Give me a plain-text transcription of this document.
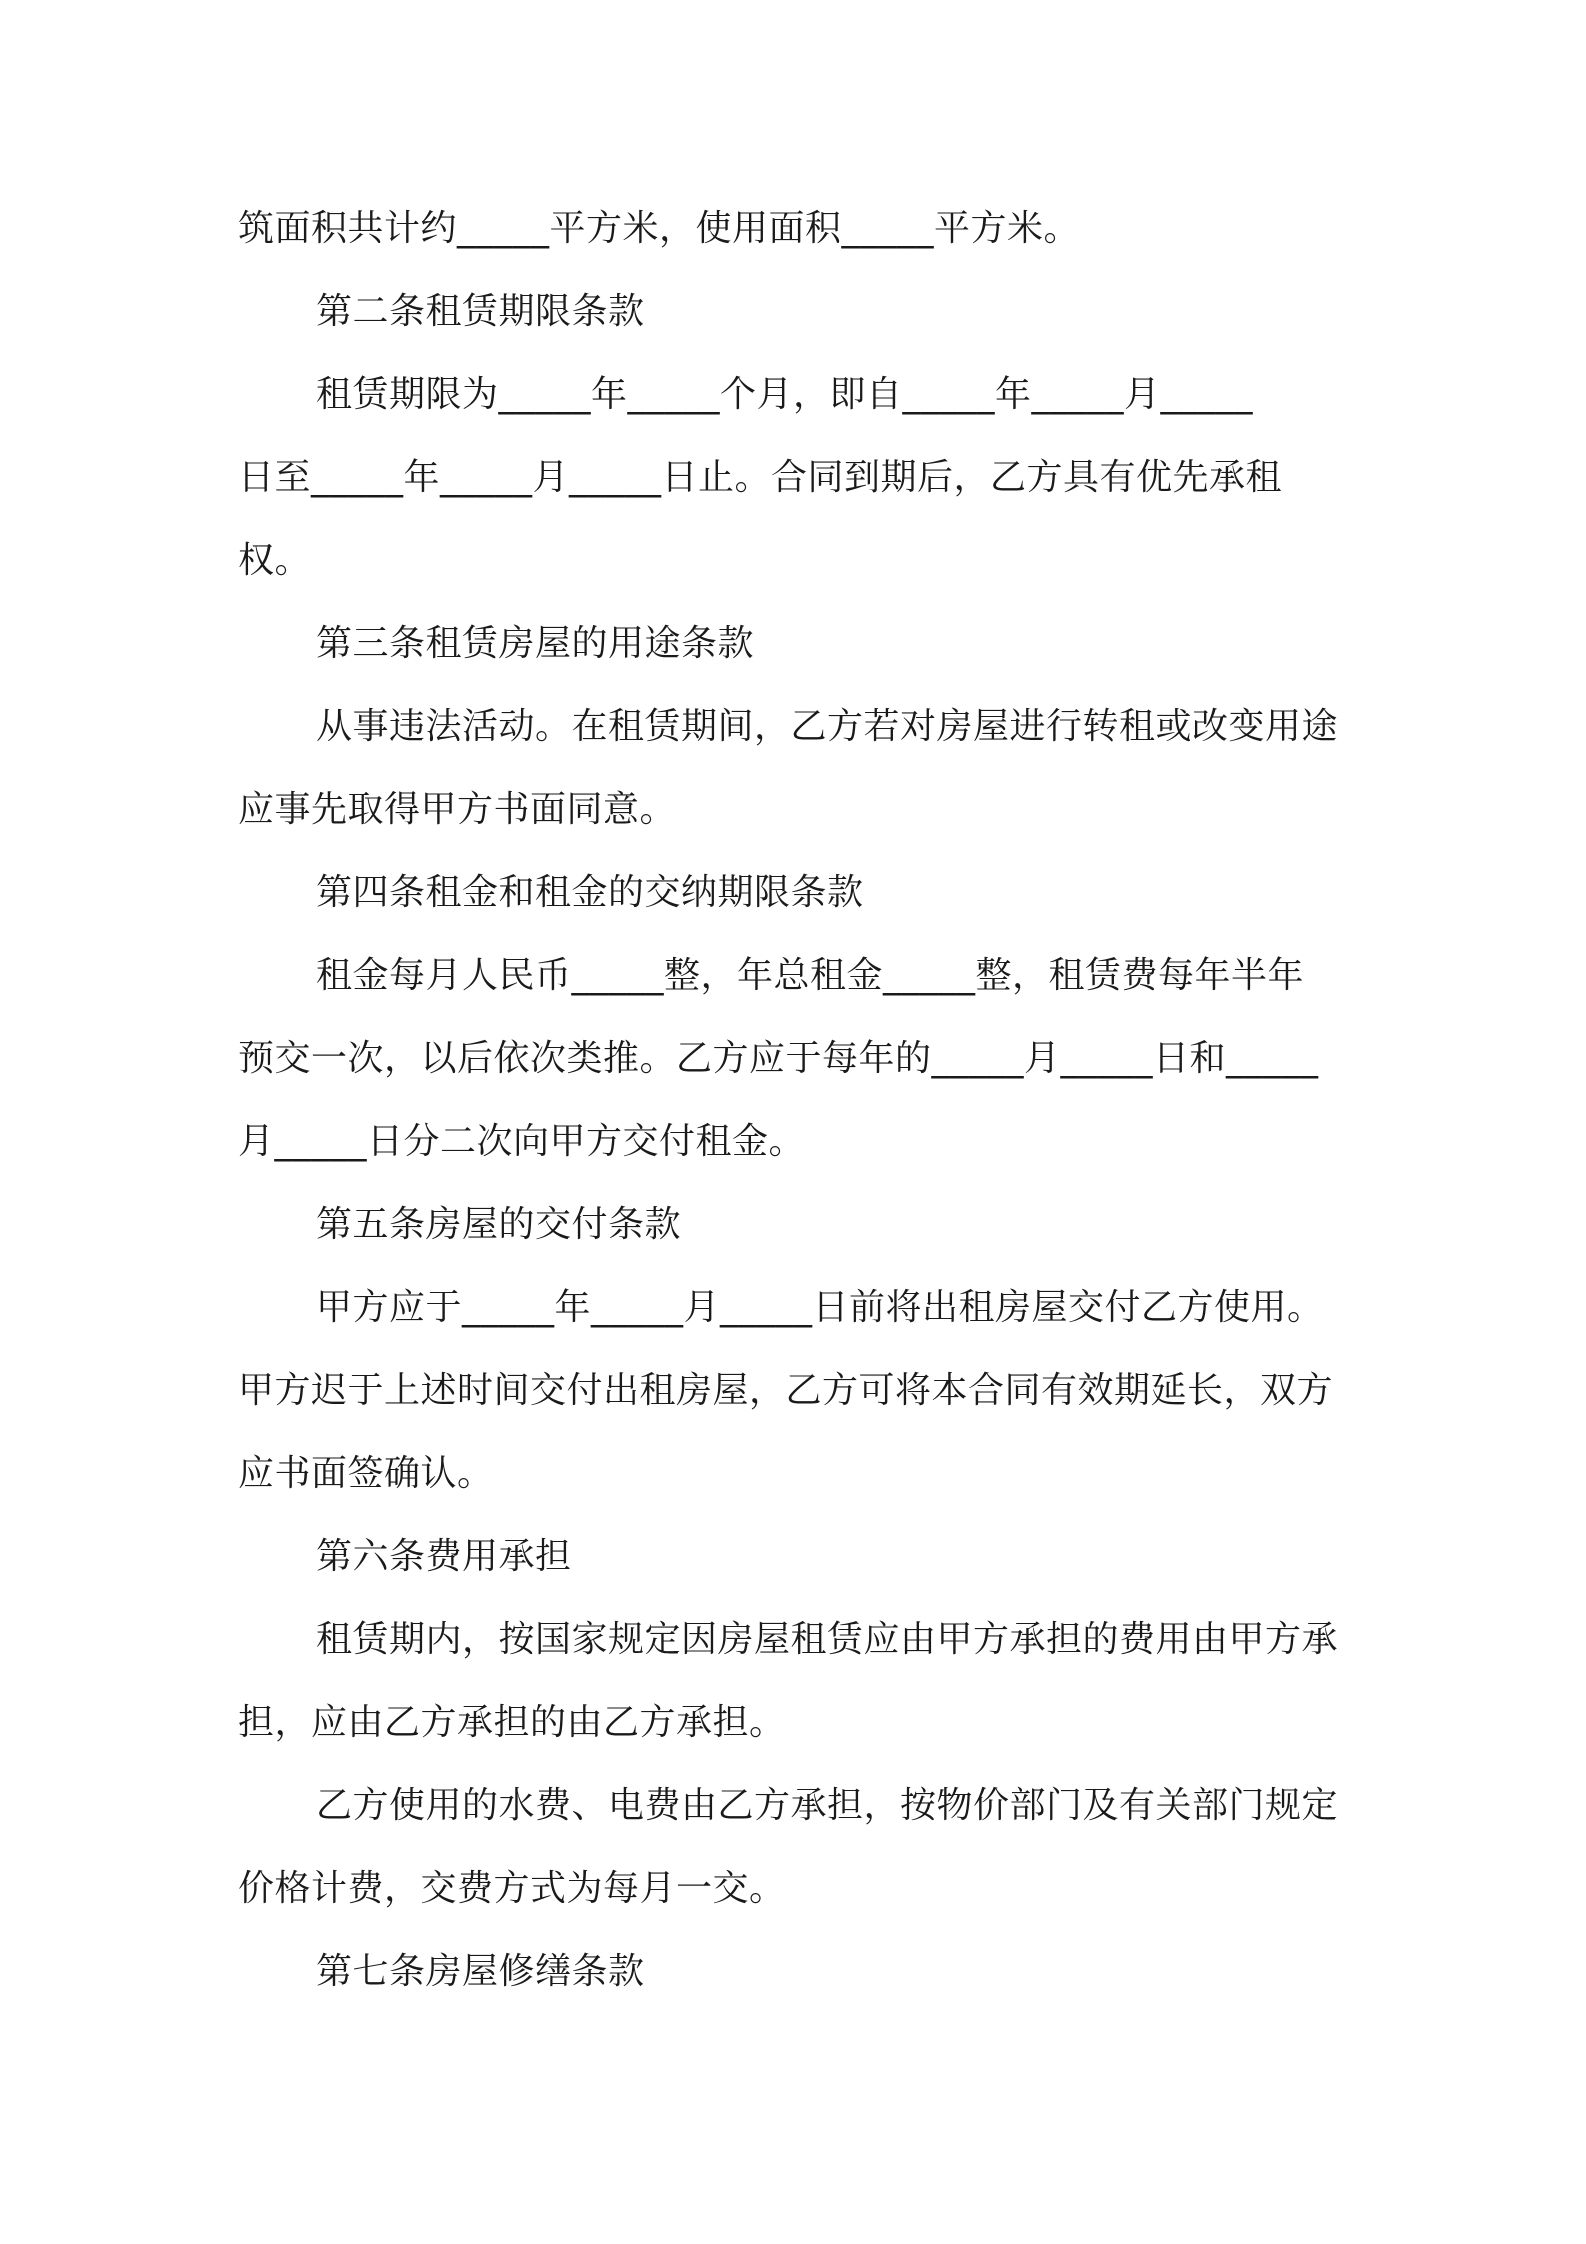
筑面积共计约_____平方米，使用面积_____平方米。
第二条租赁期限条款
租赁期限为_____年_____个月，即自_____年_____月_____
日至_____年_____月_____日止。合同到期后，乙方具有优先承租
权。
第三条租赁房屋的用途条款
从事违法活动。在租赁期间，乙方若对房屋进行转租或改变用途
应事先取得甲方书面同意。
第四条租金和租金的交纳期限条款
租金每月人民币_____整，年总租金_____整，租赁费每年半年
预交一次，以后依次类推。乙方应于每年的_____月_____日和_____
月_____日分二次向甲方交付租金。
第五条房屋的交付条款
甲方应于_____年_____月_____日前将出租房屋交付乙方使用。
甲方迟于上述时间交付出租房屋，乙方可将本合同有效期延长，双方
应书面签确认。
第六条费用承担
租赁期内，按国家规定因房屋租赁应由甲方承担的费用由甲方承
担，应由乙方承担的由乙方承担。
乙方使用的水费、电费由乙方承担，按物价部门及有关部门规定
价格计费，交费方式为每月一交。
第七条房屋修缮条款
